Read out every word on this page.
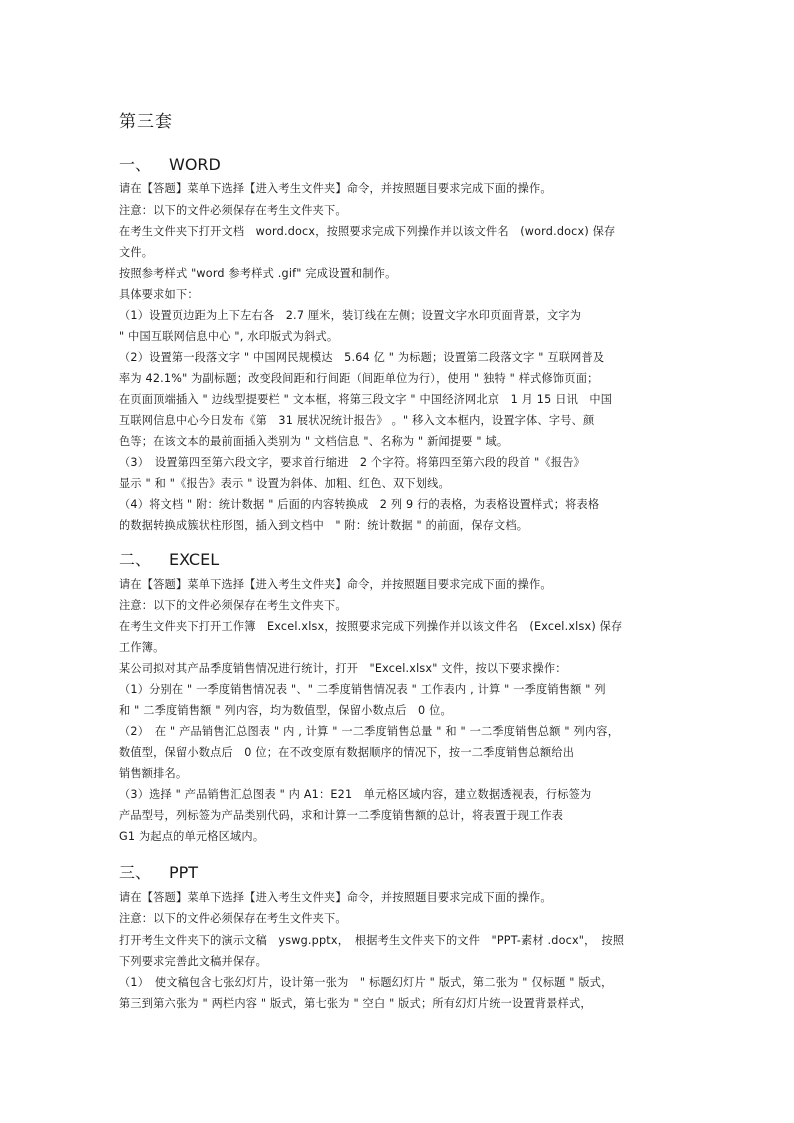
第三套
一、 WORD
请在【答题】菜单下选择【进入考生文件夹】命令，并按照题目要求完成下面的操作。
注意：以下的文件必须保存在考生文件夹下。
在考生文件夹下打开文档　word.docx，按照要求完成下列操作并以该文件名　(word.docx) 保存
文件。
按照参考样式 "word 参考样式 .gif" 完成设置和制作。
具体要求如下：
（1）设置页边距为上下左右各　2.7 厘米，装订线在左侧；设置文字水印页面背景，文字为
" 中国互联网信息中心 ", 水印版式为斜式。
（2）设置第一段落文字 " 中国网民规模达　5.64 亿 " 为标题；设置第二段落文字 " 互联网普及
率为 42.1%" 为副标题；改变段间距和行间距（间距单位为行），使用 " 独特 " 样式修饰页面；
在页面顶端插入 " 边线型提要栏 " 文本框，将第三段文字 " 中国经济网北京　1 月 15 日讯　中国
互联网信息中心今日发布《第　31 展状况统计报告》 。" 移入文本框内，设置字体、字号、颜
色等；在该文本的最前面插入类别为 " 文档信息 "、名称为 " 新闻提要 " 域。
（3）　设置第四至第六段文字，要求首行缩进　2 个字符。将第四至第六段的段首 "《报告》
显示 " 和 "《报告》表示 " 设置为斜体、加粗、红色、双下划线。
（4）将文档 " 附：统计数据 " 后面的内容转换成　2 列 9 行的表格，为表格设置样式；将表格
的数据转换成簇状柱形图，插入到文档中　" 附：统计数据 " 的前面，保存文档。
二、 EXCEL
请在【答题】菜单下选择【进入考生文件夹】命令，并按照题目要求完成下面的操作。
注意：以下的文件必须保存在考生文件夹下。
在考生文件夹下打开工作簿　Excel.xlsx，按照要求完成下列操作并以该文件名　(Excel.xlsx) 保存
工作簿。
某公司拟对其产品季度销售情况进行统计，打开　"Excel.xlsx" 文件，按以下要求操作：
（1）分别在 " 一季度销售情况表 "、" 二季度销售情况表 " 工作表内 , 计算 " 一季度销售额 " 列
和 " 二季度销售额 " 列内容，均为数值型，保留小数点后　0 位。
（2）　在 " 产品销售汇总图表 " 内 , 计算 " 一二季度销售总量 " 和 " 一二季度销售总额 " 列内容，
数值型，保留小数点后　0 位；在不改变原有数据顺序的情况下，按一二季度销售总额给出
销售额排名。
（3）选择 " 产品销售汇总图表 " 内 A1：E21　单元格区域内容，建立数据透视表，行标签为
产品型号，列标签为产品类别代码，求和计算一二季度销售额的总计，将表置于现工作表
G1 为起点的单元格区域内。
三、 PPT
请在【答题】菜单下选择【进入考生文件夹】命令，并按照题目要求完成下面的操作。
注意：以下的文件必须保存在考生文件夹下。
打开考生文件夹下的演示文稿　yswg.pptx，　根据考生文件夹下的文件　"PPT-素材 .docx"，　按照
下列要求完善此文稿并保存。
（1）　使文稿包含七张幻灯片，设计第一张为　" 标题幻灯片 " 版式，第二张为 " 仅标题 " 版式，
第三到第六张为 " 两栏内容 " 版式，第七张为 " 空白 " 版式；所有幻灯片统一设置背景样式，
